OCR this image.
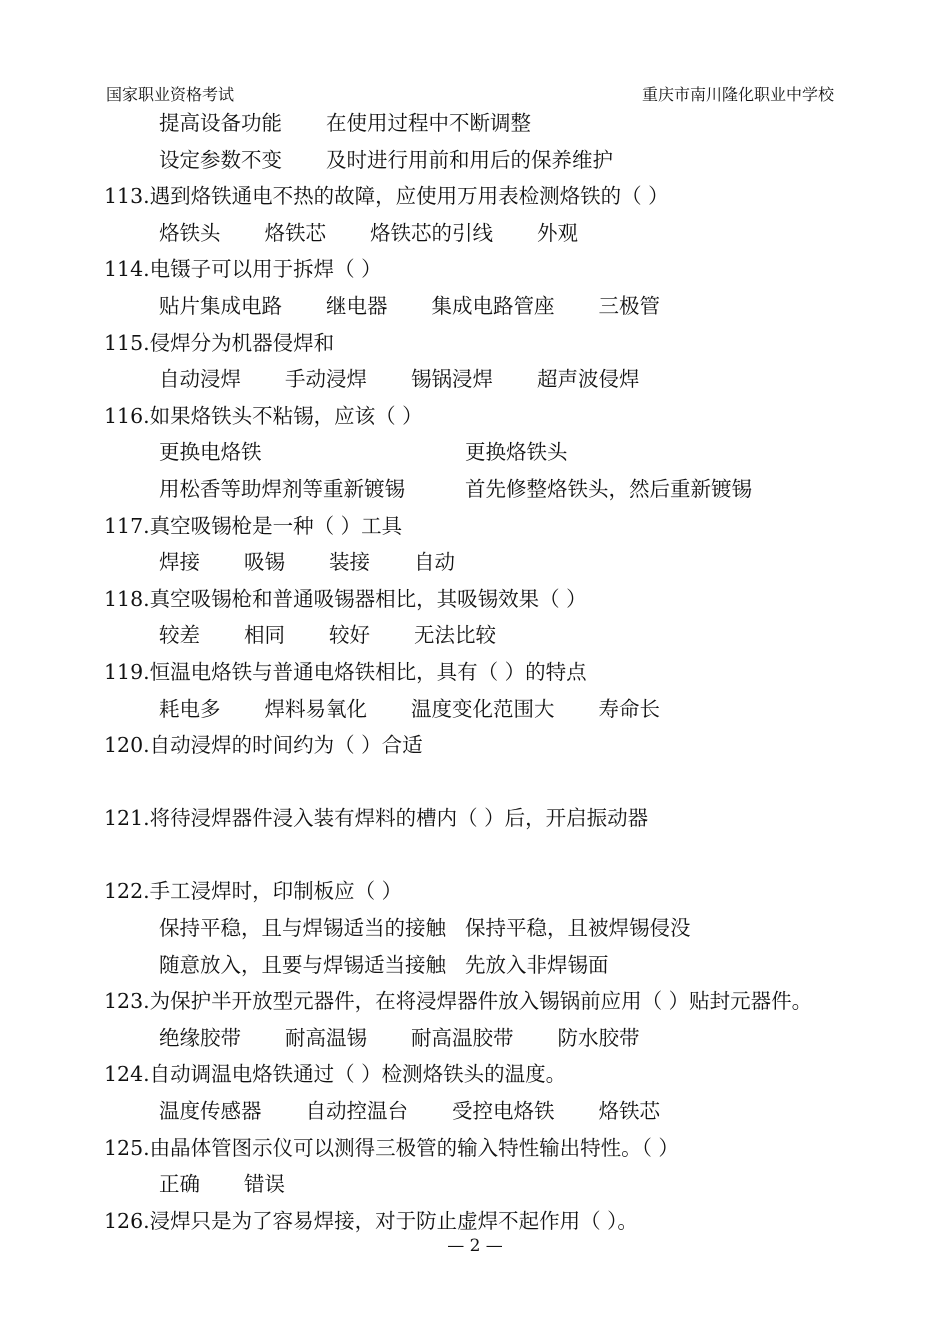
国家职业资格考试	重庆市南川隆化职业中学校
提高设备功能 在使用过程中不断调整
设定参数不变 及时进行用前和用后的保养维护
113.遇到烙铁通电不热的故障，应使用万用表检测烙铁的（ ）
烙铁头 烙铁芯 烙铁芯的引线 外观
114.电镊子可以用于拆焊（ ）
贴片集成电路 继电器 集成电路管座 三极管
115.侵焊分为机器侵焊和
自动浸焊 手动浸焊 锡锅浸焊 超声波侵焊
116.如果烙铁头不粘锡，应该（ ）
更换电烙铁	更换烙铁头
用松香等助焊剂等重新镀锡	首先修整烙铁头，然后重新镀锡
117.真空吸锡枪是一种（ ）工具
焊接 吸锡 装接 自动
118.真空吸锡枪和普通吸锡器相比，其吸锡效果（ ）
较差 相同 较好 无法比较
119.恒温电烙铁与普通电烙铁相比，具有（ ）的特点
耗电多 焊料易氧化 温度变化范围大 寿命长
120.自动浸焊的时间约为（ ）合适
121.将待浸焊器件浸入装有焊料的槽内（ ）后，开启振动器
122.手工浸焊时，印制板应（ ）
保持平稳，且与焊锡适当的接触 保持平稳，且被焊锡侵没
随意放入，且要与焊锡适当接触 先放入非焊锡面
123.为保护半开放型元器件，在将浸焊器件放入锡锅前应用（ ）贴封元器件。
绝缘胶带 耐高温锡 耐高温胶带 防水胶带
124.自动调温电烙铁通过（ ）检测烙铁头的温度。
温度传感器 自动控温台 受控电烙铁 烙铁芯
125.由晶体管图示仪可以测得三极管的输入特性输出特性。（ ）
正确 错误
126.浸焊只是为了容易焊接，对于防止虚焊不起作用（ ）。
— 2 —
